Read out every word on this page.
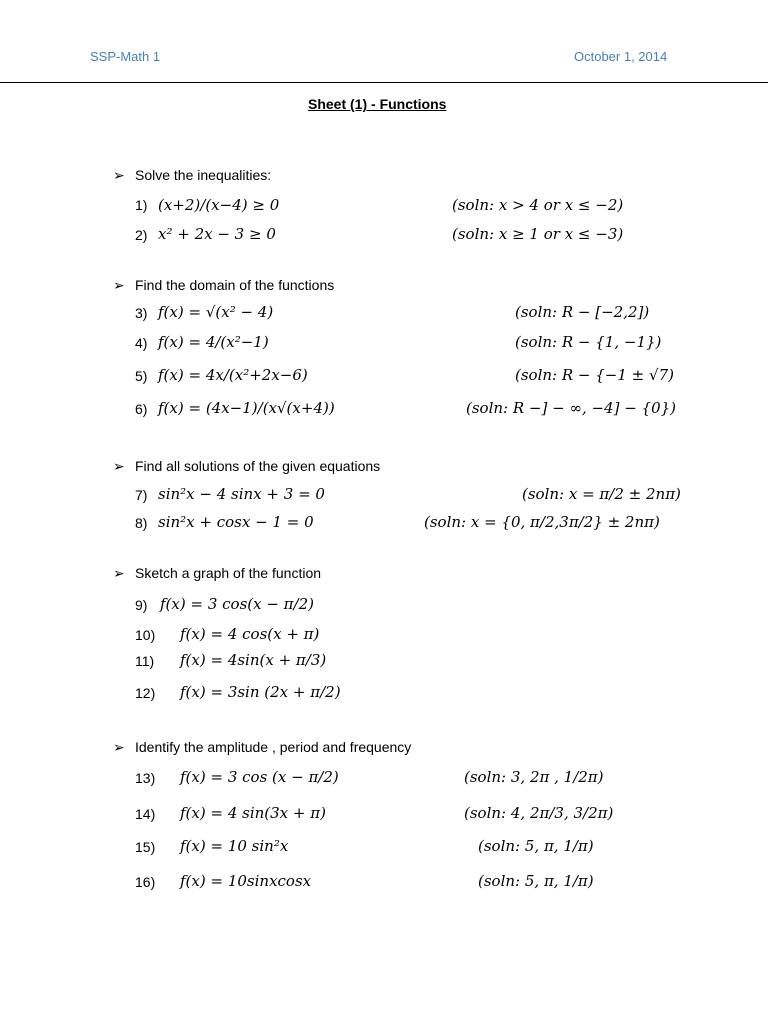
SSP-Math 1	October 1, 2014
Sheet (1) - Functions
➢ Solve the inequalities:
1) (x+2)/(x−4) ≥ 0	(soln: x > 4 or x ≤ −2)
2) x² + 2x − 3 ≥ 0	(soln: x ≥ 1 or x ≤ −3)
➢ Find the domain of the functions
3) f(x) = √(x² − 4)	(soln: R − [−2,2])
4) f(x) = 4/(x²−1)	(soln: R − {1, −1})
5) f(x) = 4x/(x²+2x−6)	(soln: R − {−1 ± √7)
6) f(x) = (4x−1)/(x√(x+4))	(soln: R −] − ∞, −4] − {0})
➢ Find all solutions of the given equations
7) sin²x − 4 sinx + 3 = 0	(soln: x = π/2 ± 2nπ)
8) sin²x + cosx − 1 = 0	(soln: x = {0, π/2,3π/2} ± 2nπ)
➢ Sketch a graph of the function
9) f(x) = 3 cos(x − π/2)
10) f(x) = 4 cos(x + π)
11) f(x) = 4sin(x + π/3)
12) f(x) = 3sin (2x + π/2)
➢ Identify the amplitude , period and frequency
13) f(x) = 3 cos (x − π/2)	(soln: 3, 2π , 1/2π)
14) f(x) = 4 sin(3x + π)	(soln: 4, 2π/3, 3/2π)
15) f(x) = 10 sin²x	(soln: 5, π, 1/π)
16) f(x) = 10sinxcosx	(soln: 5, π, 1/π)
